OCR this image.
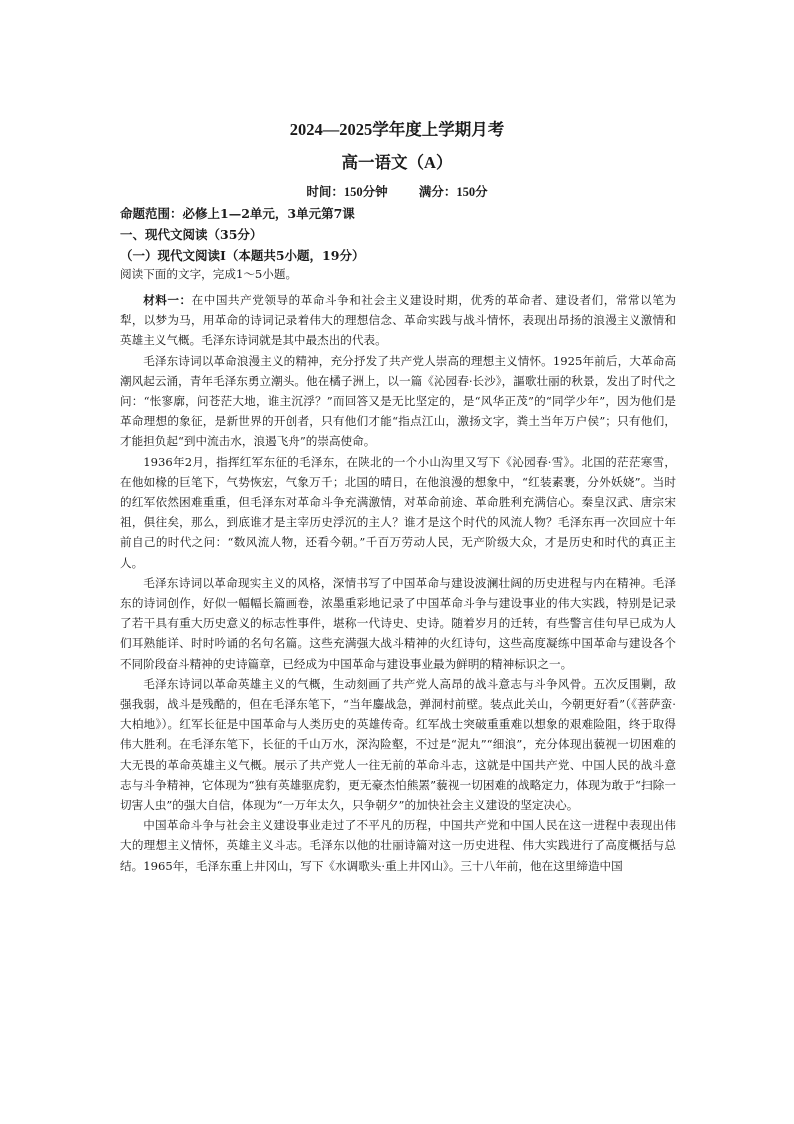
2024—2025学年度上学期月考
高一语文（A）
时间：150分钟 满分：150分
命题范围：必修上1—2单元，3单元第7课
一、现代文阅读（35分）
（一）现代文阅读Ⅰ（本题共5小题，19分）
阅读下面的文字，完成1～5小题。

材料一：在中国共产党领导的革命斗争和社会主义建设时期，优秀的革命者、建设者们，常常以笔为犁，以梦为马，用革命的诗词记录着伟大的理想信念、革命实践与战斗情怀，表现出昂扬的浪漫主义激情和英雄主义气概。毛泽东诗词就是其中最杰出的代表。

毛泽东诗词以革命浪漫主义的精神，充分抒发了共产党人崇高的理想主义情怀。1925年前后，大革命高潮风起云涌，青年毛泽东勇立潮头。他在橘子洲上，以一篇《沁园春·长沙》，謳歌壮丽的秋景，发出了时代之问：“怅寥廓，问苍茫大地，谁主沉浮？”而回答又是无比坚定的，是“风华正茂”的“同学少年”，因为他们是革命理想的象征，是新世界的开创者，只有他们才能“指点江山，激扬文字，粪土当年万户侯”；只有他们，才能担负起“到中流击水，浪遏飞舟”的崇高使命。

1936年2月，指挥红军东征的毛泽东，在陕北的一个小山沟里又写下《沁园春·雪》。北国的茫茫寒雪，在他如椽的巨笔下，气势恢宏，气象万千；北国的晴日，在他浪漫的想象中，“红装素裹，分外妖娆”。当时的红军依然困难重重，但毛泽东对革命斗争充满激情，对革命前途、革命胜利充满信心。秦皇汉武、唐宗宋祖，俱往矣，那么，到底谁才是主宰历史浮沉的主人？谁才是这个时代的风流人物？毛泽东再一次回应十年前自己的时代之问：“数风流人物，还看今朝。”千百万劳动人民，无产阶级大众，才是历史和时代的真正主人。

毛泽东诗词以革命现实主义的风格，深情书写了中国革命与建设波澜壮阔的历史进程与内在精神。毛泽东的诗词创作，好似一幅幅长篇画卷，浓墨重彩地记录了中国革命斗争与建设事业的伟大实践，特别是记录了若干具有重大历史意义的标志性事件，堪称一代诗史、史诗。随着岁月的迁转，有些警言佳句早已成为人们耳熟能详、时时吟诵的名句名篇。这些充满强大战斗精神的火红诗句，这些高度凝练中国革命与建设各个不同阶段奋斗精神的史诗篇章，已经成为中国革命与建设事业最为鲜明的精神标识之一。

毛泽东诗词以革命英雄主义的气概，生动刻画了共产党人高昂的战斗意志与斗争风骨。五次反围剿，敌强我弱，战斗是残酷的，但在毛泽东笔下，“当年鏖战急，弹洞村前壁。装点此关山，今朝更好看”（《菩萨蛮·大柏地》）。红军长征是中国革命与人类历史的英雄传奇。红军战士突破重重难以想象的艰难险阻，终于取得伟大胜利。在毛泽东笔下，长征的千山万水，深沟险壑，不过是“泥丸”“细浪”，充分体现出藐视一切困难的大无畏的革命英雄主义气概。展示了共产党人一往无前的革命斗志，这就是中国共产党、中国人民的战斗意志与斗争精神，它体现为“独有英雄驱虎豹，更无豪杰怕熊罴”藐视一切困难的战略定力，体现为敢于“扫除一切害人虫”的强大自信，体现为“一万年太久，只争朝夕”的加快社会主义建设的坚定决心。

中国革命斗争与社会主义建设事业走过了不平凡的历程，中国共产党和中国人民在这一进程中表现出伟大的理想主义情怀，英雄主义斗志。毛泽东以他的壮丽诗篇对这一历史进程、伟大实践进行了高度概括与总结。1965年，毛泽东重上井冈山，写下《水调歌头·重上井冈山》。三十八年前，他在这里缔造中国
